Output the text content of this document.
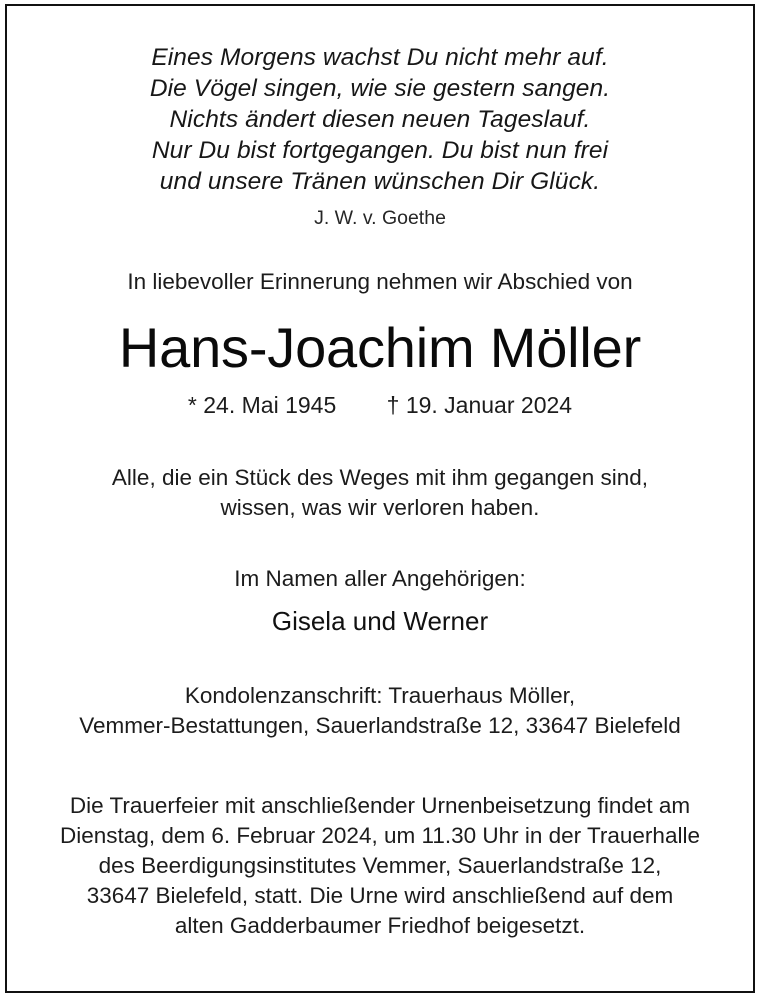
Eines Morgens wachst Du nicht mehr auf.
Die Vögel singen, wie sie gestern sangen.
Nichts ändert diesen neuen Tageslauf.
Nur Du bist fortgegangen. Du bist nun frei
und unsere Tränen wünschen Dir Glück.
J. W. v. Goethe
In liebevoller Erinnerung nehmen wir Abschied von
Hans-Joachim Möller
* 24. Mai 1945 † 19. Januar 2024
Alle, die ein Stück des Weges mit ihm gegangen sind,
wissen, was wir verloren haben.
Im Namen aller Angehörigen:
Gisela und Werner
Kondolenzanschrift: Trauerhaus Möller,
Vemmer-Bestattungen, Sauerlandstraße 12, 33647 Bielefeld
Die Trauerfeier mit anschließender Urnenbeisetzung findet am
Dienstag, dem 6. Februar 2024, um 11.30 Uhr in der Trauerhalle
des Beerdigungsinstitutes Vemmer, Sauerlandstraße 12,
33647 Bielefeld, statt. Die Urne wird anschließend auf dem
alten Gadderbaumer Friedhof beigesetzt.
